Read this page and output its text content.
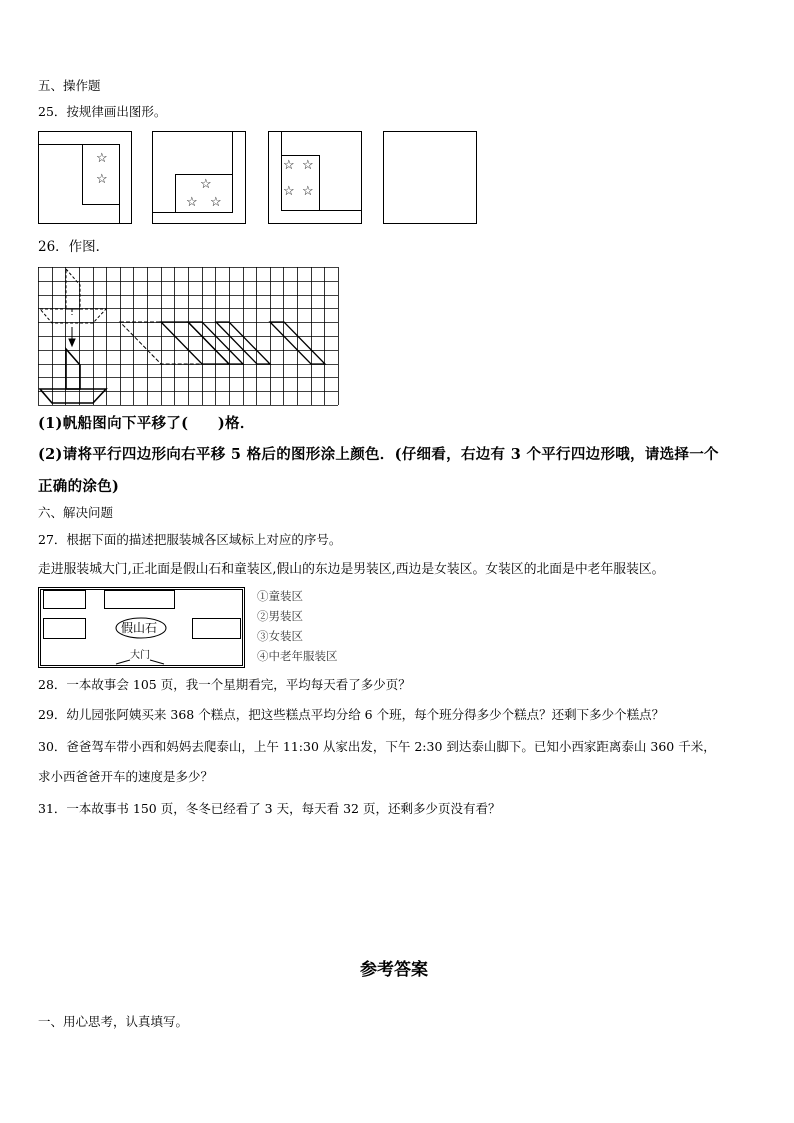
五、操作题
25．按规律画出图形。
☆
☆	☆
☆ ☆
☆ ☆
☆ ☆
26．作图．
(1)帆船图向下平移了(　　)格．
(2)请将平行四边形向右平移 5 格后的图形涂上颜色．(仔细看，右边有 3 个平行四边形哦，请选择一个
正确的涂色)
六、解决问题
27．根据下面的描述把服装城各区域标上对应的序号。
走进服装城大门,正北面是假山石和童装区,假山的东边是男装区,西边是女装区。女装区的北面是中老年服装区。
假山石
大门
①童装区
②男装区
③女装区
④中老年服装区
28．一本故事会 105 页，我一个星期看完，平均每天看了多少页？
29．幼儿园张阿姨买来 368 个糕点，把这些糕点平均分给 6 个班，每个班分得多少个糕点？还剩下多少个糕点？
30．爸爸驾车带小西和妈妈去爬泰山，上午 11:30 从家出发，下午 2:30 到达泰山脚下。已知小西家距离泰山 360 千米，
求小西爸爸开车的速度是多少？
31．一本故事书 150 页，冬冬已经看了 3 天，每天看 32 页，还剩多少页没有看？
参考答案
一、用心思考，认真填写。
